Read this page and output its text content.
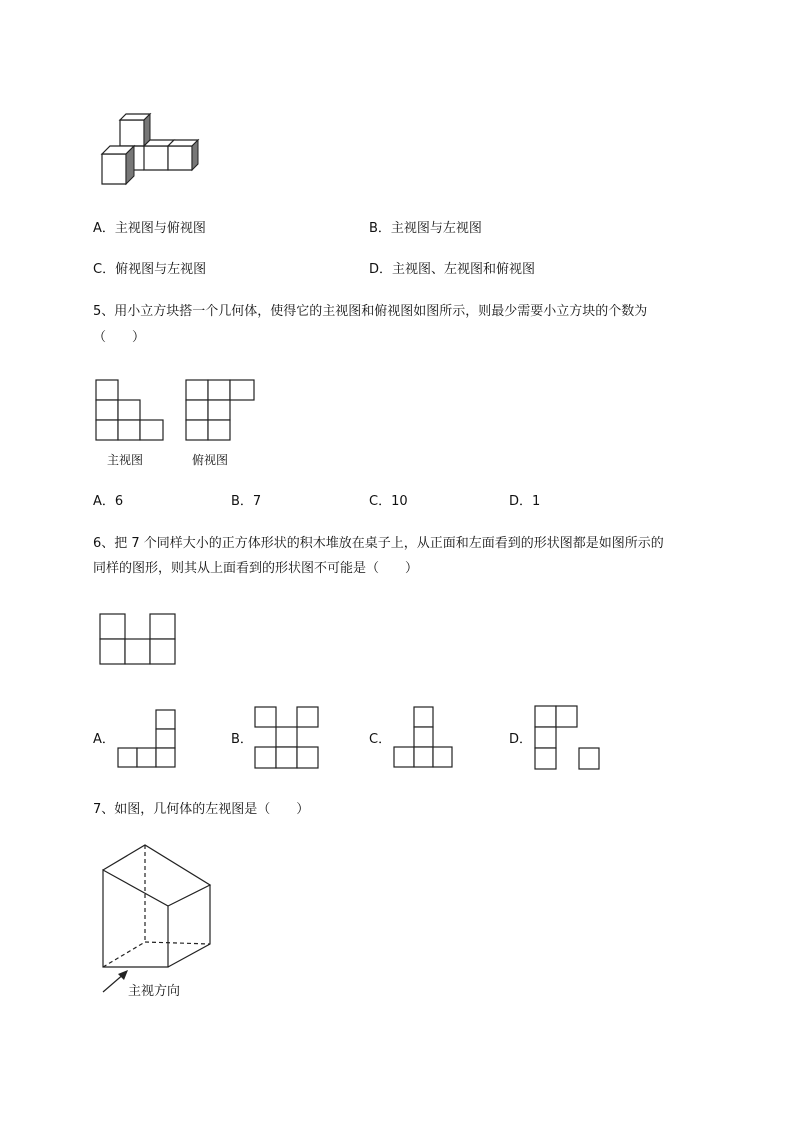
A．主视图与俯视图	B．主视图与左视图
C．俯视图与左视图	D．主视图、左视图和俯视图
5、用小立方块搭一个几何体，使得它的主视图和俯视图如图所示，则最少需要小立方块的个数为
（　　）
主视图	俯视图
A．6	B．7	C．10	D．1
6、把 7 个同样大小的正方体形状的积木堆放在桌子上，从正面和左面看到的形状图都是如图所示的
同样的图形，则其从上面看到的形状图不可能是（　　）
A．	B．	C．	D．
7、如图，几何体的左视图是（　　）
主视方向
